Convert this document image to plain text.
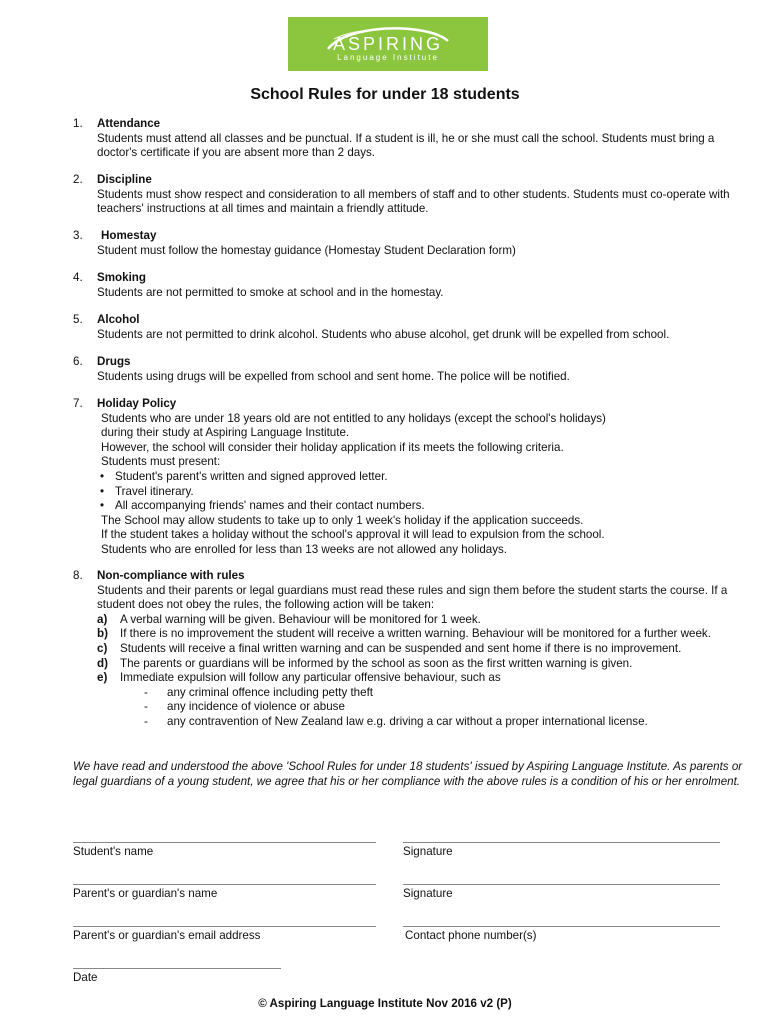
ASPIRING
Language Institute
School Rules for under 18 students
1. Attendance
Students must attend all classes and be punctual. If a student is ill, he or she must call the school. Students must bring a doctor's certificate if you are absent more than 2 days.
2. Discipline
Students must show respect and consideration to all members of staff and to other students. Students must co-operate with teachers' instructions at all times and maintain a friendly attitude.
3.	Homestay
Student must follow the homestay guidance (Homestay Student Declaration form)
4. Smoking
Students are not permitted to smoke at school and in the homestay.
5. Alcohol
Students are not permitted to drink alcohol. Students who abuse alcohol, get drunk will be expelled from school.
6. Drugs
Students using drugs will be expelled from school and sent home. The police will be notified.
7. Holiday Policy
Students who are under 18 years old are not entitled to any holidays (except the school's holidays)
during their study at Aspiring Language Institute.
However, the school will consider their holiday application if its meets the following criteria.
Students must present:
• Student's parent's written and signed approved letter.
• Travel itinerary.
• All accompanying friends' names and their contact numbers.
The School may allow students to take up to only 1 week's holiday if the application succeeds.
If the student takes a holiday without the school's approval it will lead to expulsion from the school.
Students who are enrolled for less than 13 weeks are not allowed any holidays.
8. Non-compliance with rules
Students and their parents or legal guardians must read these rules and sign them before the student starts the course. If a student does not obey the rules, the following action will be taken:
a) A verbal warning will be given. Behaviour will be monitored for 1 week.
b) If there is no improvement the student will receive a written warning. Behaviour will be monitored for a further week.
c) Students will receive a final written warning and can be suspended and sent home if there is no improvement.
d) The parents or guardians will be informed by the school as soon as the first written warning is given.
e) Immediate expulsion will follow any particular offensive behaviour, such as
- any criminal offence including petty theft
- any incidence of violence or abuse
- any contravention of New Zealand law e.g. driving a car without a proper international license.
We have read and understood the above 'School Rules for under 18 students' issued by Aspiring Language Institute. As parents or legal guardians of a young student, we agree that his or her compliance with the above rules is a condition of his or her enrolment.
Student's name	Signature
Parent's or guardian's name	Signature
Parent's or guardian's email address	Contact phone number(s)
Date
© Aspiring Language Institute Nov 2016 v2 (P)
